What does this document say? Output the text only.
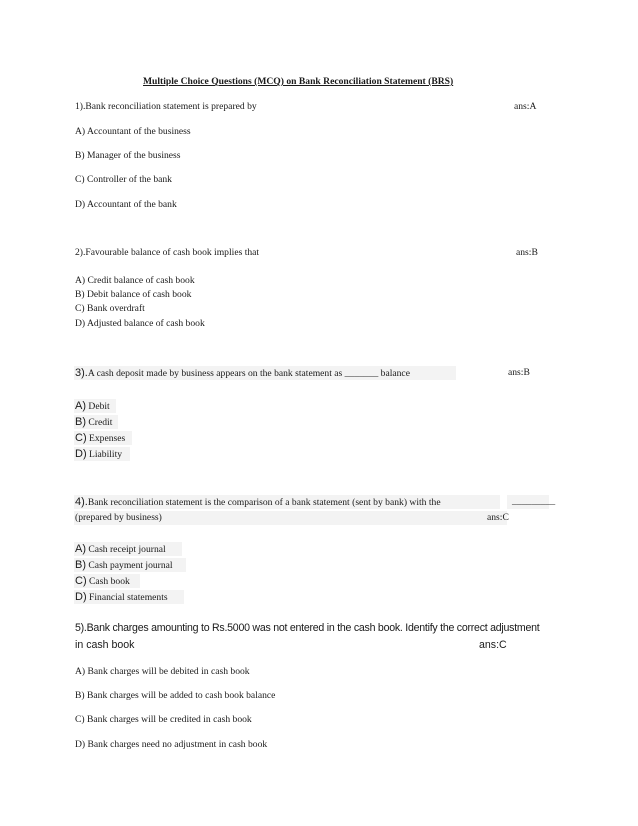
Multiple Choice Questions (MCQ) on Bank Reconciliation Statement (BRS)
1).Bank reconciliation statement is prepared by	ans:A
A) Accountant of the business
B) Manager of the business
C) Controller of the bank
D) Accountant of the bank
2).Favourable balance of cash book implies that	ans:B
A) Credit balance of cash book
B) Debit balance of cash book
C) Bank overdraft
D) Adjusted balance of cash book
3).A cash deposit made by business appears on the bank statement as _______ balance	ans:B
A) Debit
B) Credit
C) Expenses
D) Liability
4).Bank reconciliation statement is the comparison of a bank statement (sent by bank) with the	_________
(prepared by business)	ans:C
A) Cash receipt journal
B) Cash payment journal
C) Cash book
D) Financial statements
5).Bank charges amounting to Rs.5000 was not entered in the cash book. Identify the correct adjustment
in cash book	ans:C
A) Bank charges will be debited in cash book
B) Bank charges will be added to cash book balance
C) Bank charges will be credited in cash book
D) Bank charges need no adjustment in cash book
